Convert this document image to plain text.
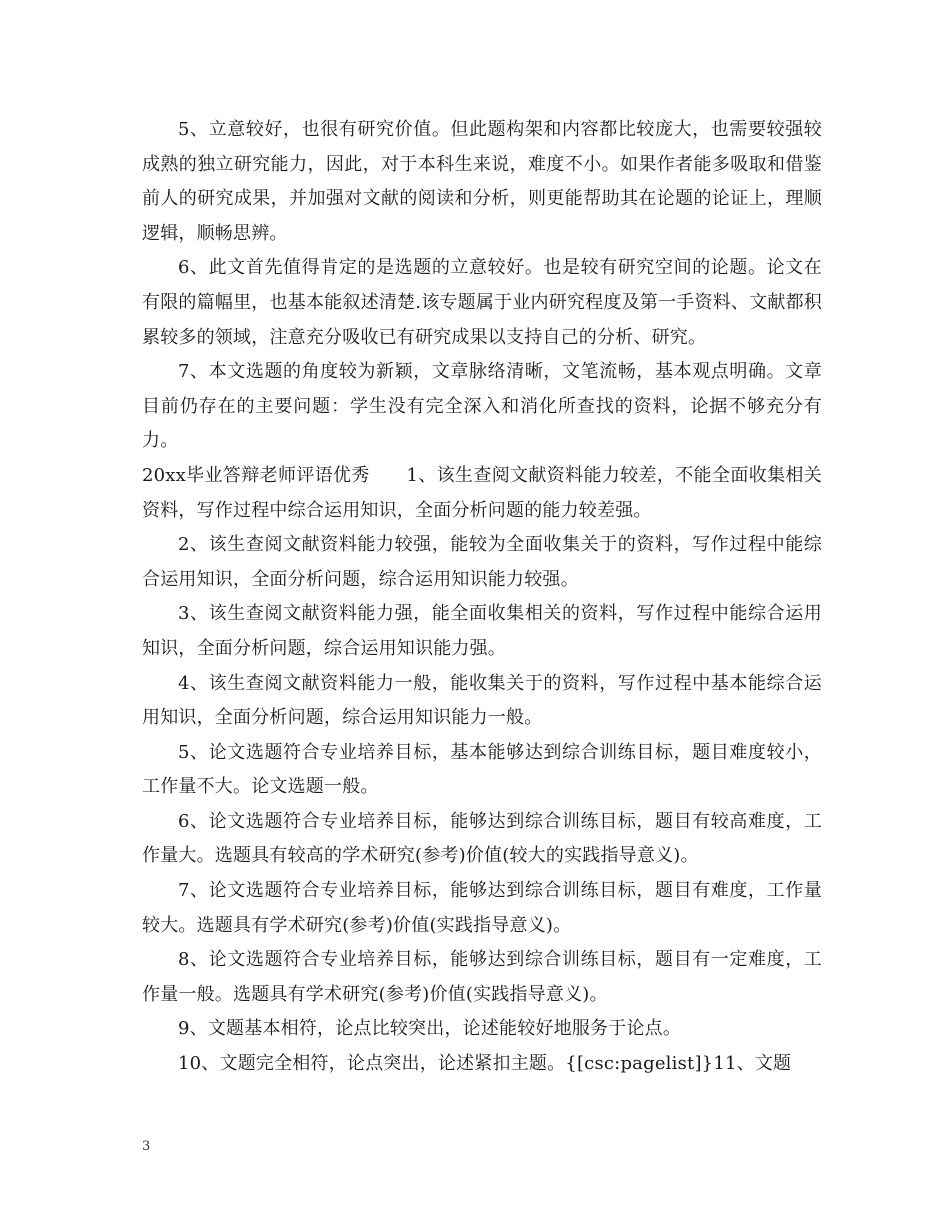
5、立意较好，也很有研究价值。但此题构架和内容都比较庞大，也需要较强较成熟的独立研究能力，因此，对于本科生来说，难度不小。如果作者能多吸取和借鉴前人的研究成果，并加强对文献的阅读和分析，则更能帮助其在论题的论证上，理顺逻辑，顺畅思辨。

6、此文首先值得肯定的是选题的立意较好。也是较有研究空间的论题。论文在有限的篇幅里，也基本能叙述清楚.该专题属于业内研究程度及第一手资料、文献都积累较多的领域，注意充分吸收已有研究成果以支持自己的分析、研究。

7、本文选题的角度较为新颖，文章脉络清晰，文笔流畅，基本观点明确。文章目前仍存在的主要问题：学生没有完全深入和消化所查找的资料，论据不够充分有力。

20xx毕业答辩老师评语优秀　　1、该生查阅文献资料能力较差，不能全面收集相关资料，写作过程中综合运用知识，全面分析问题的能力较差强。

2、该生查阅文献资料能力较强，能较为全面收集关于的资料，写作过程中能综合运用知识，全面分析问题，综合运用知识能力较强。

3、该生查阅文献资料能力强，能全面收集相关的资料，写作过程中能综合运用知识，全面分析问题，综合运用知识能力强。

4、该生查阅文献资料能力一般，能收集关于的资料，写作过程中基本能综合运用知识，全面分析问题，综合运用知识能力一般。

5、论文选题符合专业培养目标，基本能够达到综合训练目标，题目难度较小，工作量不大。论文选题一般。

6、论文选题符合专业培养目标，能够达到综合训练目标，题目有较高难度，工作量大。选题具有较高的学术研究(参考)价值(较大的实践指导意义)。

7、论文选题符合专业培养目标，能够达到综合训练目标，题目有难度，工作量较大。选题具有学术研究(参考)价值(实践指导意义)。

8、论文选题符合专业培养目标，能够达到综合训练目标，题目有一定难度，工作量一般。选题具有学术研究(参考)价值(实践指导意义)。

9、文题基本相符，论点比较突出，论述能较好地服务于论点。

10、文题完全相符，论点突出，论述紧扣主题。{[csc:pagelist]}11、文题

3
